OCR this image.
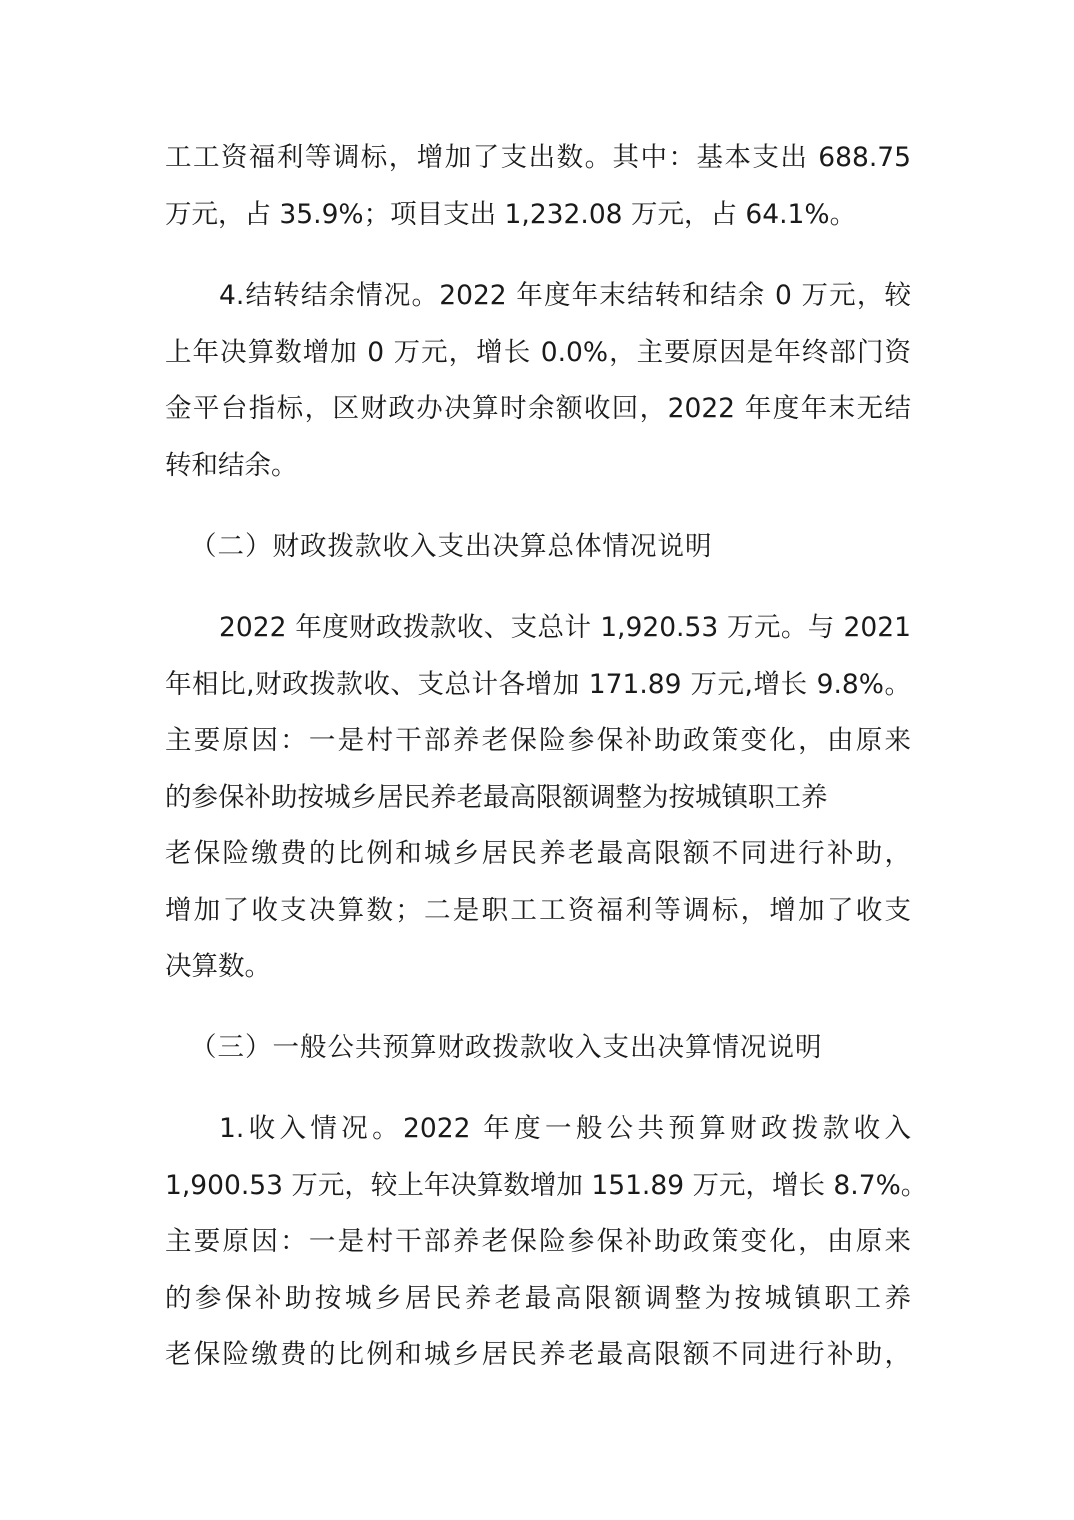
工工资福利等调标，增加了支出数。其中：基本支出 688.75
万元，占 35.9%；项目支出 1,232.08 万元，占 64.1%。
4.结转结余情况。2022 年度年末结转和结余 0 万元，较
上年决算数增加 0 万元，增长 0.0%，主要原因是年终部门资
金平台指标，区财政办决算时余额收回，2022 年度年末无结
转和结余。
（二）财政拨款收入支出决算总体情况说明
2022 年度财政拨款收、支总计 1,920.53 万元。与 2021
年相比,财政拨款收、支总计各增加 171.89 万元,增长 9.8%。
主要原因：一是村干部养老保险参保补助政策变化，由原来
的参保补助按城乡居民养老最高限额调整为按城镇职工养
老保险缴费的比例和城乡居民养老最高限额不同进行补助，
增加了收支决算数；二是职工工资福利等调标，增加了收支
决算数。
（三）一般公共预算财政拨款收入支出决算情况说明
1.收入情况。2022 年度一般公共预算财政拨款收入
1,900.53 万元，较上年决算数增加 151.89 万元，增长 8.7%。
主要原因：一是村干部养老保险参保补助政策变化，由原来
的参保补助按城乡居民养老最高限额调整为按城镇职工养
老保险缴费的比例和城乡居民养老最高限额不同进行补助，
